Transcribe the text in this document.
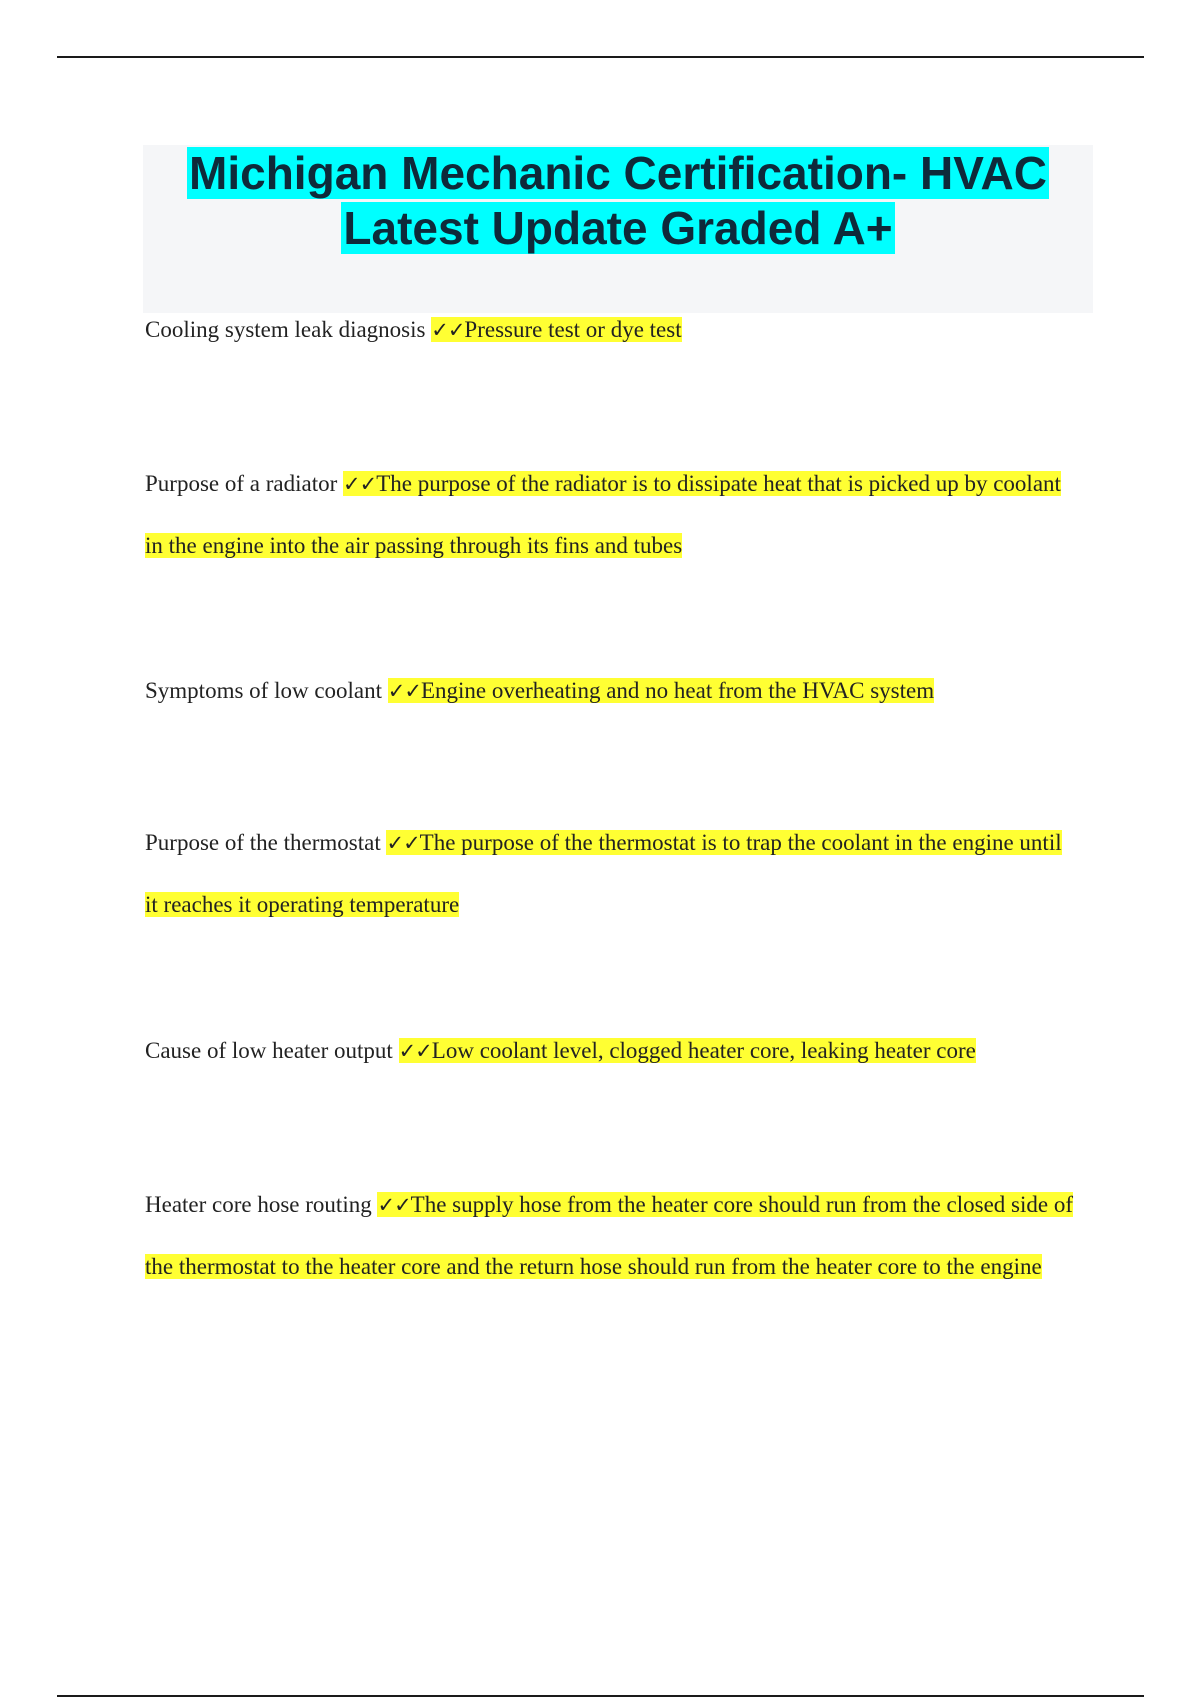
Michigan Mechanic Certification- HVAC
Latest Update Graded A+
Cooling system leak diagnosis ✓✓Pressure test or dye test
Purpose of a radiator ✓✓The purpose of the radiator is to dissipate heat that is picked up by coolant in the engine into the air passing through its fins and tubes
Symptoms of low coolant ✓✓Engine overheating and no heat from the HVAC system
Purpose of the thermostat ✓✓The purpose of the thermostat is to trap the coolant in the engine until it reaches it operating temperature
Cause of low heater output ✓✓Low coolant level, clogged heater core, leaking heater core
Heater core hose routing ✓✓The supply hose from the heater core should run from the closed side of the thermostat to the heater core and the return hose should run from the heater core to the engine
